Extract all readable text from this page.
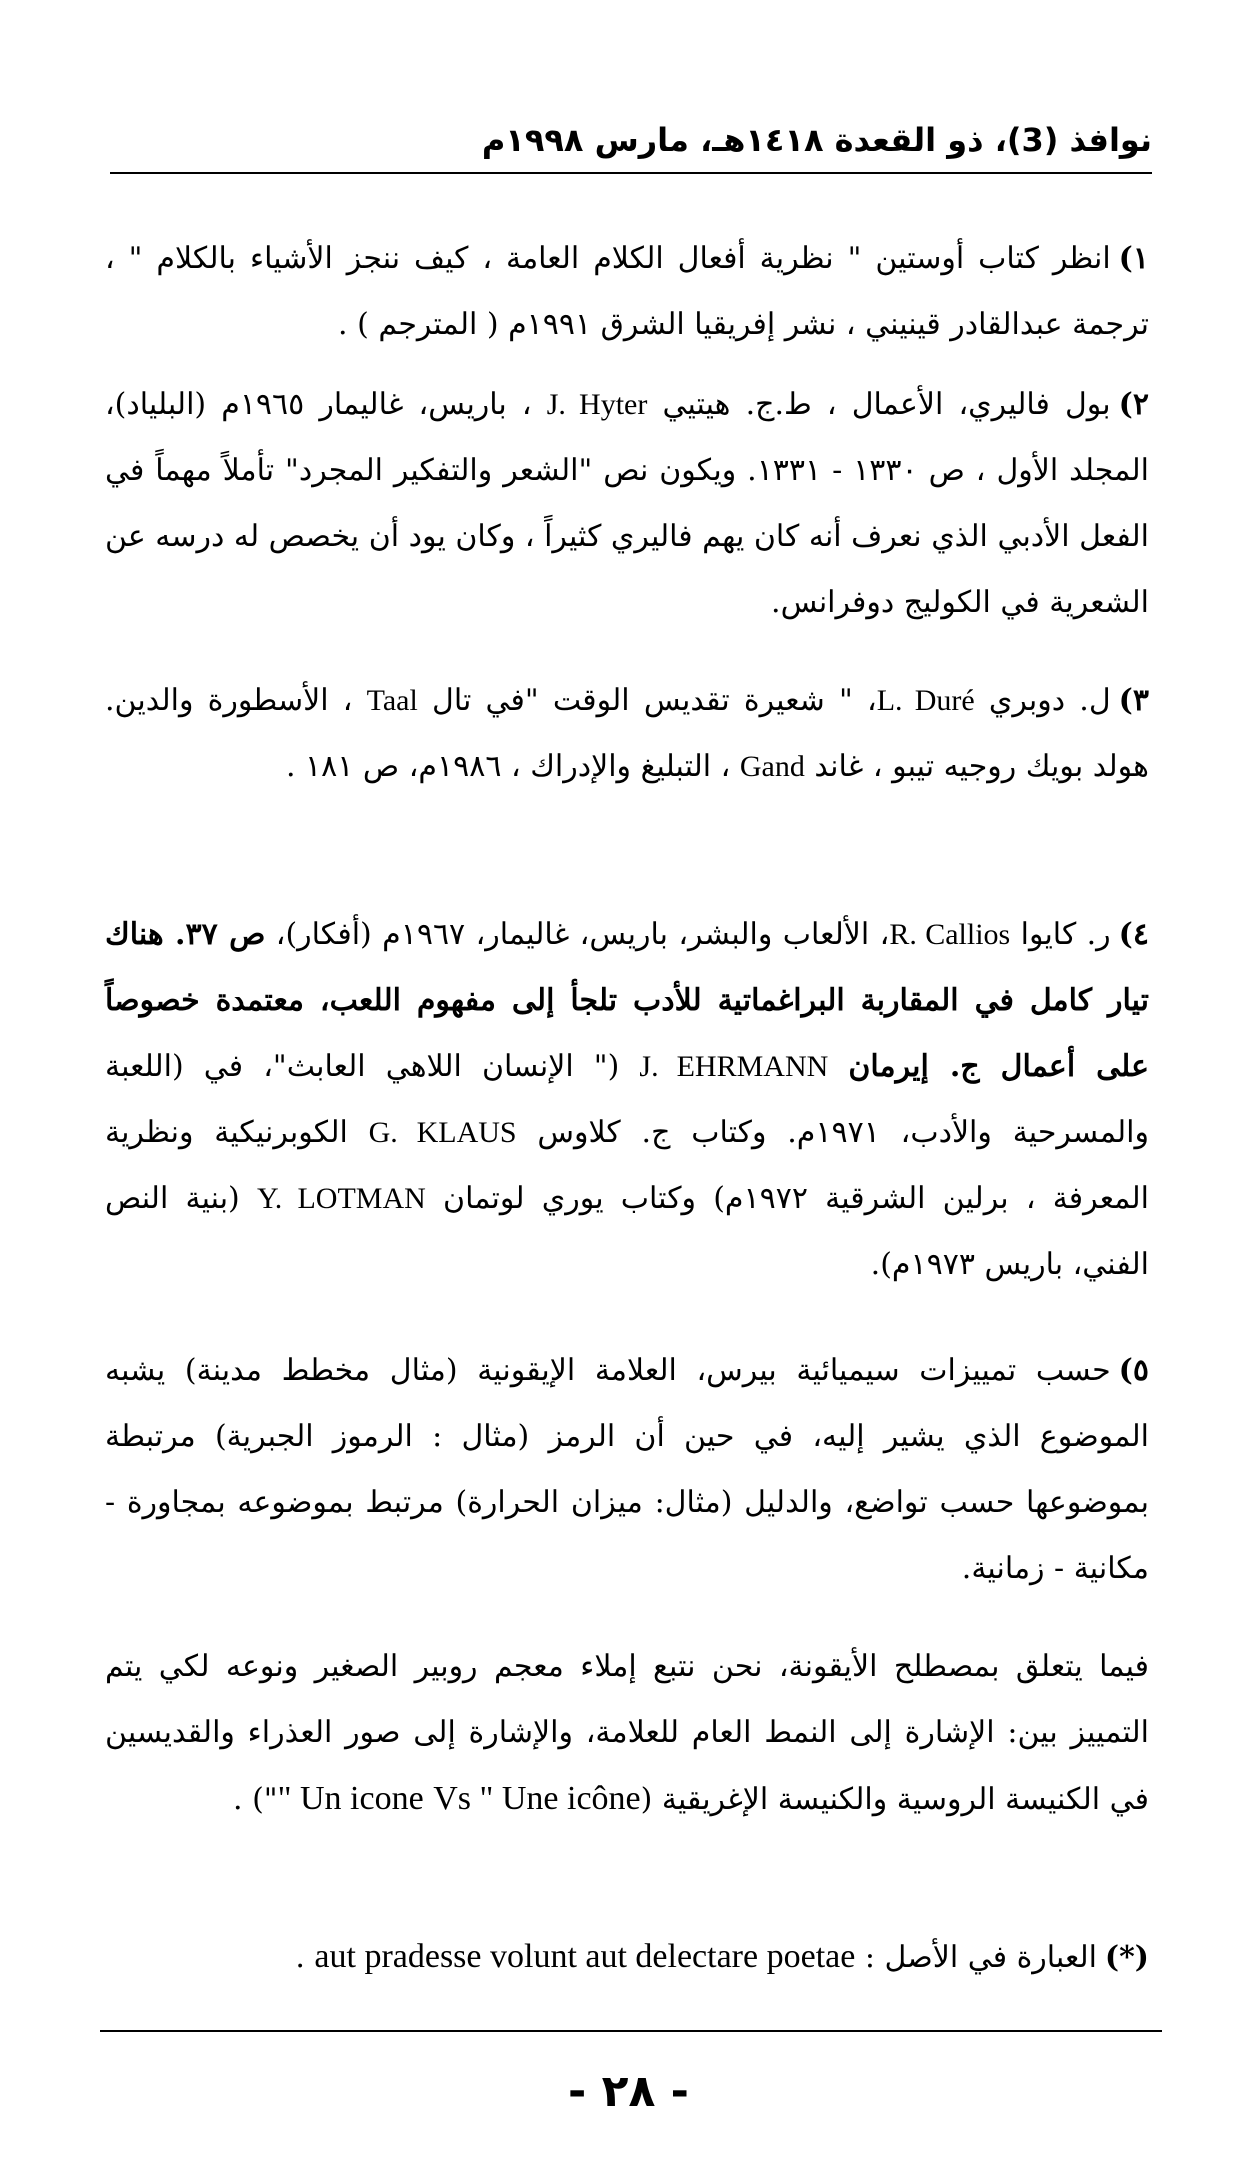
نوافذ (3)، ذو القعدة ١٤١٨هـ، مارس ١٩٩٨م

١)انظر كتاب أوستين " نظرية أفعال الكلام العامة ، كيف ننجز الأشياء بالكلام " ، ترجمة عبدالقادر قينيني ، نشر إفريقيا الشرق ١٩٩١م ( المترجم ) .

٢)بول فاليري، الأعمال ، ط.ج. هيتيي J. Hyter ، باريس، غاليمار ١٩٦٥م (البلياد)، المجلد الأول ، ص ١٣٣٠ - ١٣٣١. ويكون نص "الشعر والتفكير المجرد" تأملاً مهماً في الفعل الأدبي الذي نعرف أنه كان يهم فاليري كثيراً ، وكان يود أن يخصص له درسه عن الشعرية في الكوليج دوفرانس.

٣)ل. دوبري L. Duré، " شعيرة تقديس الوقت "في تال Taal ، الأسطورة والدين. هولد بويك روجيه تيبو ، غاند Gand ، التبليغ والإدراك ، ١٩٨٦م، ص ١٨١ .

٤)ر. كايوا R. Callios، الألعاب والبشر، باريس، غاليمار، ١٩٦٧م (أفكار)، ص ٣٧. هناك تيار كامل في المقاربة البراغماتية للأدب تلجأ إلى مفهوم اللعب، معتمدة خصوصاً على أعمال ج. إيرمان J. EHRMANN (" الإنسان اللاهي العابث"، في (اللعبة والمسرحية والأدب، ١٩٧١م. وكتاب ج. كلاوس G. KLAUS الكوبرنيكية ونظرية المعرفة ، برلين الشرقية ١٩٧٢م) وكتاب يوري لوتمان Y. LOTMAN (بنية النص الفني، باريس ١٩٧٣م).

٥)حسب تمييزات سيميائية بيرس، العلامة الإيقونية (مثال مخطط مدينة) يشبه الموضوع الذي يشير إليه، في حين أن الرمز (مثال : الرموز الجبرية) مرتبطة بموضوعها حسب تواضع، والدليل (مثال: ميزان الحرارة) مرتبط بموضوعه بمجاورة - مكانية - زمانية.

فيما يتعلق بمصطلح الأيقونة، نحن نتبع إملاء معجم روبير الصغير ونوعه لكي يتم التمييز بين: الإشارة إلى النمط العام للعلامة، والإشارة إلى صور العذراء والقديسين في الكنيسة الروسية والكنيسة الإغريقية (" Un icone Vs " Une icône") .

(*)العبارة في الأصل : aut pradesse volunt aut delectare poetae .

- ٢٨ -
